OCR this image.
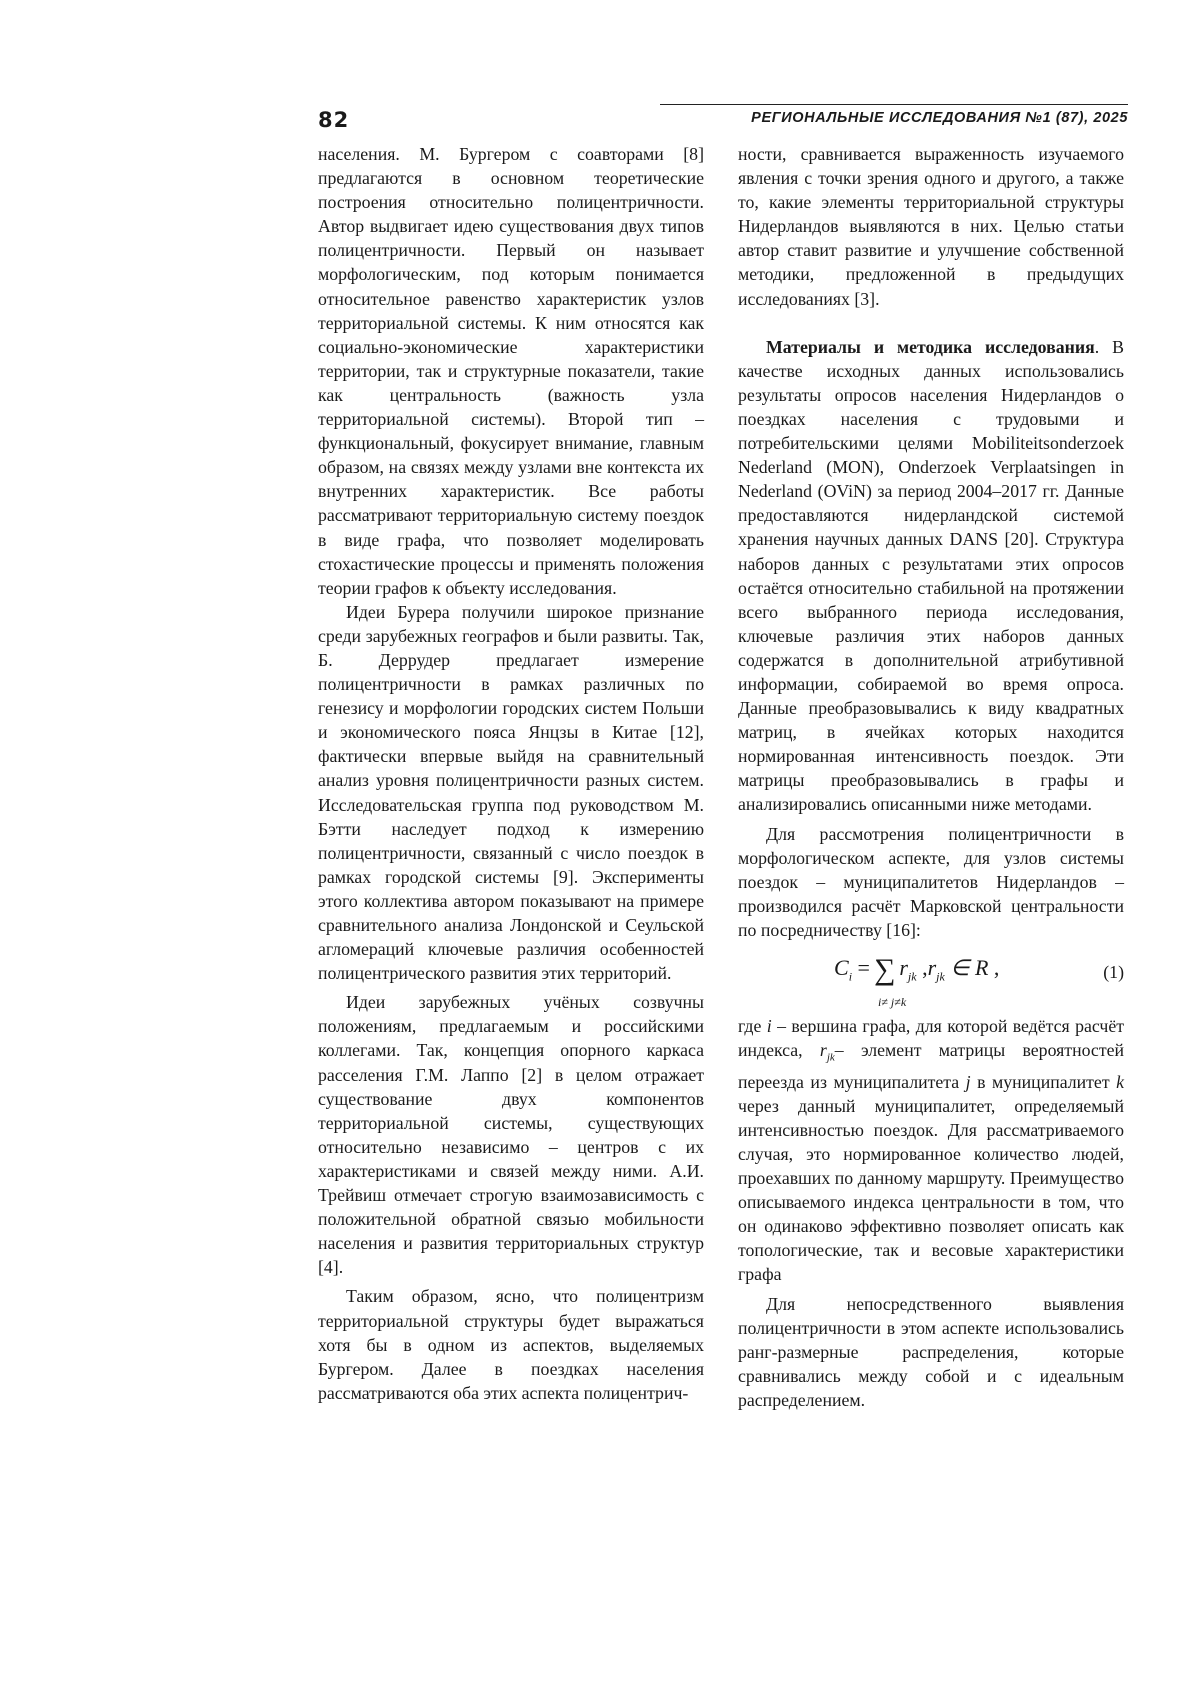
82	РЕГИОНАЛЬНЫЕ ИССЛЕДОВАНИЯ №1 (87), 2025

населения. М. Бургером с соавторами [8] предлагаются в основном теоретические построения относительно полицентричности. Автор выдвигает идею существования двух типов полицентричности. Первый он называет морфологическим, под которым понимается относительное равенство характеристик узлов территориальной системы. К ним относятся как социально-экономические характеристики территории, так и структурные показатели, такие как центральность (важность узла территориальной системы). Второй тип – функциональный, фокусирует внимание, главным образом, на связях между узлами вне контекста их внутренних характеристик. Все работы рассматривают территориальную систему поездок в виде графа, что позволяет моделировать стохастические процессы и применять положения теории графов к объекту исследования.

Идеи Бурера получили широкое признание среди зарубежных географов и были развиты. Так, Б. Деррудер предлагает измерение полицентричности в рамках различных по генезису и морфологии городских систем Польши и экономического пояса Янцзы в Китае [12], фактически впервые выйдя на сравнительный анализ уровня полицентричности разных систем. Исследовательская группа под руководством М. Бэтти наследует подход к измерению полицентричности, связанный с число поездок в рамках городской системы [9]. Эксперименты этого коллектива автором показывают на примере сравнительного анализа Лондонской и Сеульской агломераций ключевые различия особенностей полицентрического развития этих территорий.

Идеи зарубежных учёных созвучны положениям, предлагаемым и российскими коллегами. Так, концепция опорного каркаса расселения Г.М. Лаппо [2] в целом отражает существование двух компонентов территориальной системы, существующих относительно независимо – центров с их характеристиками и связей между ними. А.И. Трейвиш отмечает строгую взаимозависимость с положительной обратной связью мобильности населения и развития территориальных структур [4].

Таким образом, ясно, что полицентризм территориальной структуры будет выражаться хотя бы в одном из аспектов, выделяемых Бургером. Далее в поездках населения рассматриваются оба этих аспекта полицентрич-

ности, сравнивается выраженность изучаемого явления с точки зрения одного и другого, а также то, какие элементы территориальной структуры Нидерландов выявляются в них. Целью статьи автор ставит развитие и улучшение собственной методики, предложенной в предыдущих исследованиях [3].

Материалы и методика исследования. В качестве исходных данных использовались результаты опросов населения Нидерландов о поездках населения с трудовыми и потребительскими целями Mobiliteitsonderzoek Nederland (MON), Onderzoek Verplaatsingen in Nederland (OViN) за период 2004–2017 гг. Данные предоставляются нидерландской системой хранения научных данных DANS [20]. Структура наборов данных с результатами этих опросов остаётся относительно стабильной на протяжении всего выбранного периода исследования, ключевые различия этих наборов данных содержатся в дополнительной атрибутивной информации, собираемой во время опроса. Данные преобразовывались к виду квадратных матриц, в ячейках которых находится нормированная интенсивность поездок. Эти матрицы преобразовывались в графы и анализировались описанными ниже методами.

Для рассмотрения полицентричности в морфологическом аспекте, для узлов системы поездок – муниципалитетов Нидерландов – производился расчёт Марковской центральности по посредничеству [16]:

$C_i$ = ∑ $r_{jk}$ $,r_{jk}$ ∈ R ,
i≠ j≠k
(1)

где i – вершина графа, для которой ведётся расчёт индекса, $r_{jk}-$ элемент матрицы вероятностей переезда из муниципалитета j в муниципалитет k через данный муниципалитет, определяемый интенсивностью поездок. Для рассматриваемого случая, это нормированное количество людей, проехавших по данному маршруту. Преимущество описываемого индекса центральности в том, что он одинаково эффективно позволяет описать как топологические, так и весовые характеристики графа

Для непосредственного выявления полицентричности в этом аспекте использовались ранг-размерные распределения, которые сравнивались между собой и с идеальным распределением.
